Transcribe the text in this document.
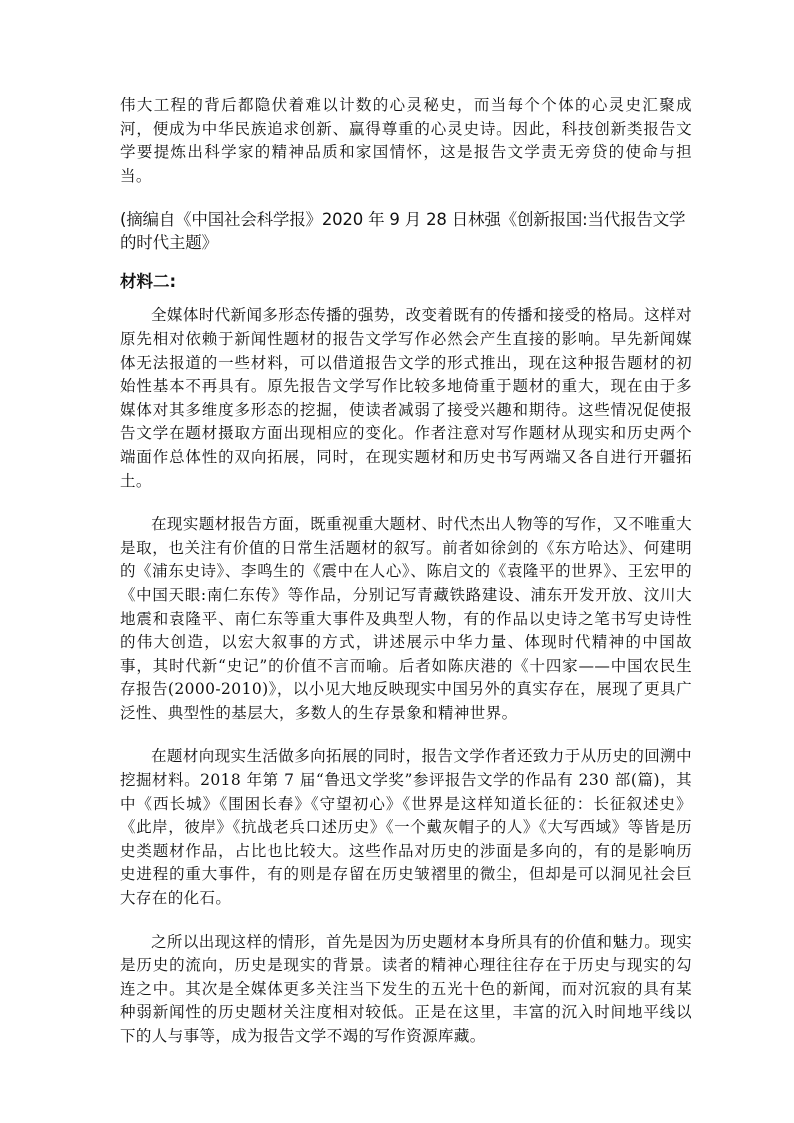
伟大工程的背后都隐伏着难以计数的心灵秘史，而当每个个体的心灵史汇聚成河，便成为中华民族追求创新、赢得尊重的心灵史诗。因此，科技创新类报告文学要提炼出科学家的精神品质和家国情怀，这是报告文学责无旁贷的使命与担当。

(摘编自《中国社会科学报》2020 年 9 月 28 日林强《创新报国:当代报告文学的时代主题》

材料二:

全媒体时代新闻多形态传播的强势，改变着既有的传播和接受的格局。这样对原先相对依赖于新闻性题材的报告文学写作必然会产生直接的影响。早先新闻媒体无法报道的一些材料，可以借道报告文学的形式推出，现在这种报告题材的初始性基本不再具有。原先报告文学写作比较多地倚重于题材的重大，现在由于多媒体对其多维度多形态的挖掘，使读者减弱了接受兴趣和期待。这些情况促使报告文学在题材摄取方面出现相应的变化。作者注意对写作题材从现实和历史两个端面作总体性的双向拓展，同时，在现实题材和历史书写两端又各自进行开疆拓土。

在现实题材报告方面，既重视重大题材、时代杰出人物等的写作，又不唯重大是取，也关注有价值的日常生活题材的叙写。前者如徐剑的《东方哈达》、何建明的《浦东史诗》、李鸣生的《震中在人心》、陈启文的《袁隆平的世界》、王宏甲的《中国天眼:南仁东传》等作品，分别记写青藏铁路建设、浦东开发开放、汶川大地震和袁隆平、南仁东等重大事件及典型人物，有的作品以史诗之笔书写史诗性的伟大创造，以宏大叙事的方式，讲述展示中华力量、体现时代精神的中国故事，其时代新“史记”的价值不言而喻。后者如陈庆港的《十四家——中国农民生存报告(2000-2010)》，以小见大地反映现实中国另外的真实存在，展现了更具广泛性、典型性的基层大，多数人的生存景象和精神世界。

在题材向现实生活做多向拓展的同时，报告文学作者还致力于从历史的回溯中挖掘材料。2018 年第 7 届“鲁迅文学奖”参评报告文学的作品有 230 部(篇)，其中《西长城》《围困长春》《守望初心》《世界是这样知道长征的：长征叙述史》《此岸，彼岸》《抗战老兵口述历史》《一个戴灰帽子的人》《大写西域》等皆是历史类题材作品，占比也比较大。这些作品对历史的涉面是多向的，有的是影响历史进程的重大事件，有的则是存留在历史皱褶里的微尘，但却是可以洞见社会巨大存在的化石。

之所以出现这样的情形，首先是因为历史题材本身所具有的价值和魅力。现实是历史的流向，历史是现实的背景。读者的精神心理往往存在于历史与现实的勾连之中。其次是全媒体更多关注当下发生的五光十色的新闻，而对沉寂的具有某种弱新闻性的历史题材关注度相对较低。正是在这里，丰富的沉入时间地平线以下的人与事等，成为报告文学不竭的写作资源库藏。
